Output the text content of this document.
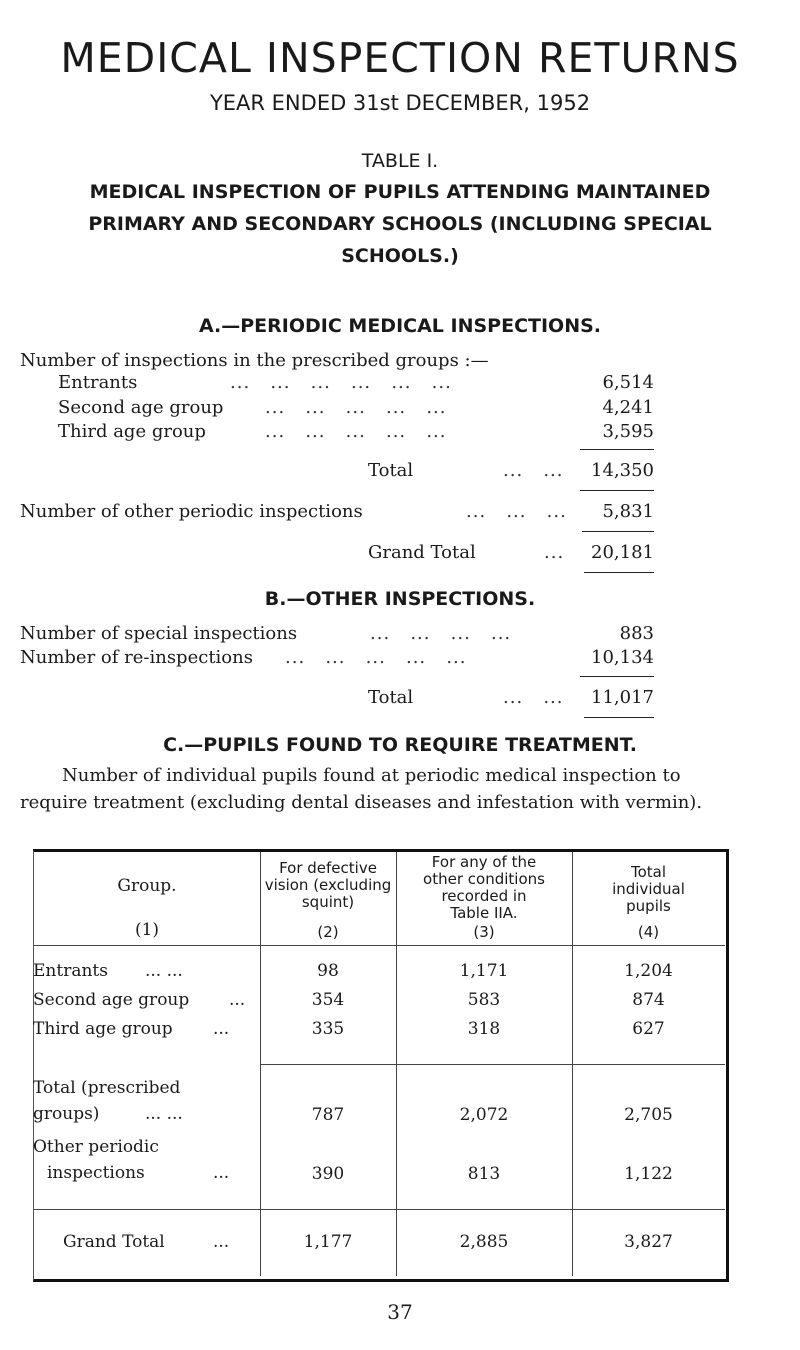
MEDICAL INSPECTION RETURNS
YEAR ENDED 31st DECEMBER, 1952
TABLE I.
MEDICAL INSPECTION OF PUPILS ATTENDING MAINTAINED
PRIMARY AND SECONDARY SCHOOLS (INCLUDING SPECIAL
SCHOOLS.)
A.—PERIODIC MEDICAL INSPECTIONS.
Number of inspections in the prescribed groups :—
Entrants	...   ...   ...   ...   ...   ...	6,514
Second age group ...   ...   ...   ...   ...	4,241
Third age group	...   ...   ...   ...   ...	3,595
Total	...   ... 14,350
Number of other periodic inspections	...   ...   ... 5,831
Grand Total	... 20,181
B.—OTHER INSPECTIONS.
Number of special inspections	...   ...   ...   ...	883
Number of re-inspections ...   ...   ...   ...   ...	10,134
Total	...   ... 11,017
C.—PUPILS FOUND TO REQUIRE TREATMENT.
Number of individual pupils found at periodic medical inspection to
require treatment (excluding dental diseases and infestation with vermin).
Group.
(1)
For defective
vision (excluding
squint)
(2)
For any of the
other conditions
recorded in
Table IIA.
(3)
Total
individual
pupils
(4)
Entrants ... ...	98	1,171	1,204
Second age group ...	354	583	874
Third age group ...	335	318	627
Total (prescribed
groups)	... ...	787	2,072	2,705
Other periodic
inspections	...	390	813	1,122
Grand Total	...	1,177	2,885	3,827
37
